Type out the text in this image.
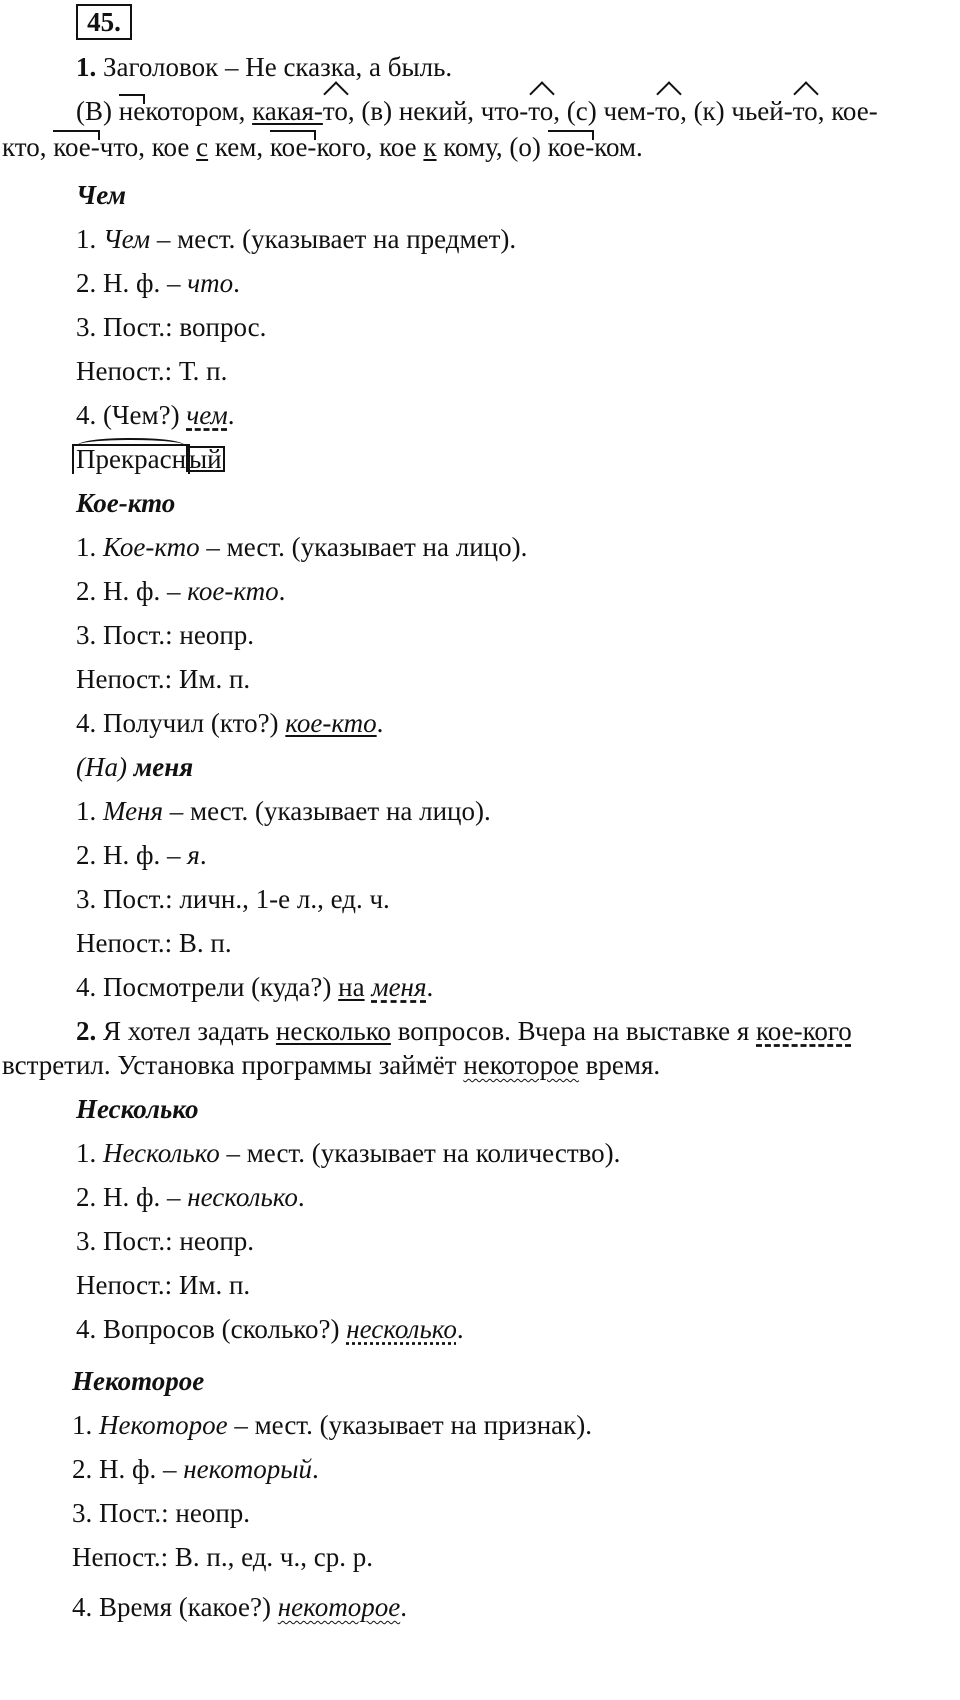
45.
1. Заголовок – Не сказка, а быль.
(В) некотором, какая-то, (в) некий, что-то, (с) чем-то, (к) чьей-то, кое-
кто, кое-что, кое с кем, кое-кого, кое к кому, (о) кое-ком.
Чем
1. Чем – мест. (указывает на предмет).
2. Н. ф. – что.
3. Пост.: вопрос.
Непост.: Т. п.
4. (Чем?) чем.
Прекрасн ый
Кое-кто
1. Кое-кто – мест. (указывает на лицо).
2. Н. ф. – кое-кто.
3. Пост.: неопр.
Непост.: Им. п.
4. Получил (кто?) кое-кто.
(На) меня
1. Меня – мест. (указывает на лицо).
2. Н. ф. – я.
3. Пост.: личн., 1-е л., ед. ч.
Непост.: В. п.
4. Посмотрели (куда?) на меня.
2. Я хотел задать несколько вопросов. Вчера на выставке я кое-кого
встретил. Установка программы займёт некоторое время.
Несколько
1. Несколько – мест. (указывает на количество).
2. Н. ф. – несколько.
3. Пост.: неопр.
Непост.: Им. п.
4. Вопросов (сколько?) несколько.
Некоторое
1. Некоторое – мест. (указывает на признак).
2. Н. ф. – некоторый.
3. Пост.: неопр.
Непост.: В. п., ед. ч., ср. р.
4. Время (какое?) некоторое.
